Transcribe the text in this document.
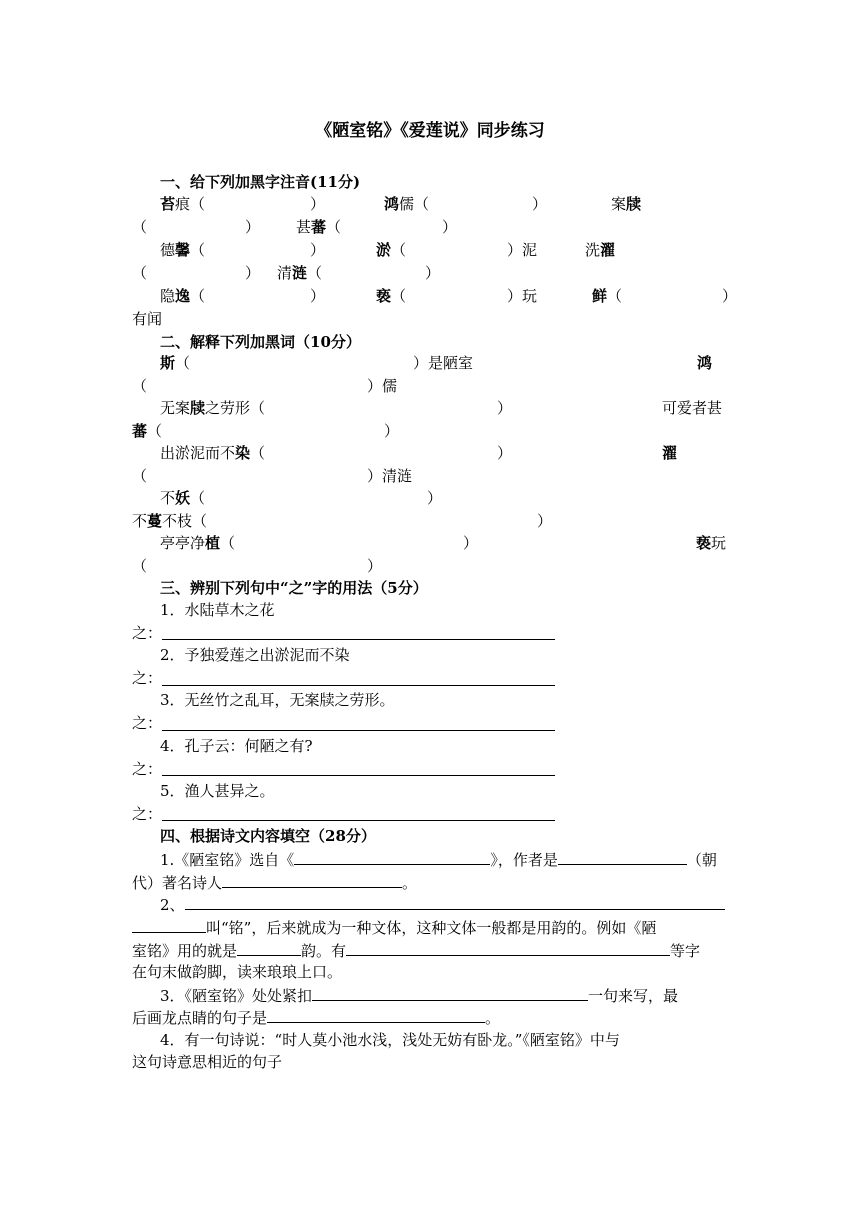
《陋室铭》《爱莲说》同步练习
一、给下列加黑字注音(11分)
苔痕（	）	鸿儒（	）	案牍
（	） 甚蕃（	）
德馨（	）	淤（	）泥	洗濯
（	） 清涟（	）
隐逸（	）	亵（	）玩	鲜（	）
有闻
二、解释下列加黑词（10分）
斯（	）是陋室	鸿
（	）儒
无案牍之劳形（	）	可爱者甚
蕃（	）
出淤泥而不染（	）	濯
（	）清涟
不妖（	）
不蔓不枝（	）
亭亭净植（	）	亵玩
（	）
三、辨别下列句中“之”字的用法（5分）
1．水陆草木之花
之：
2．予独爱莲之出淤泥而不染
之：
3．无丝竹之乱耳，无案牍之劳形。
之：
4．孔子云：何陋之有?
之：
5．渔人甚异之。
之：
四、根据诗文内容填空（28分）
1.《陋室铭》选自《	》，作者是	（朝
代）著名诗人	。
2、
叫“铭”，后来就成为一种文体，这种文体一般都是用韵的。例如《陋
室铭》用的就是	韵。有	等字
在句末做韵脚，读来琅琅上口。
3．《陋室铭》处处紧扣	一句来写，最
后画龙点睛的句子是	。
4．有一句诗说：“时人莫小池水浅，浅处无妨有卧龙。”《陋室铭》中与
这句诗意思相近的句子
